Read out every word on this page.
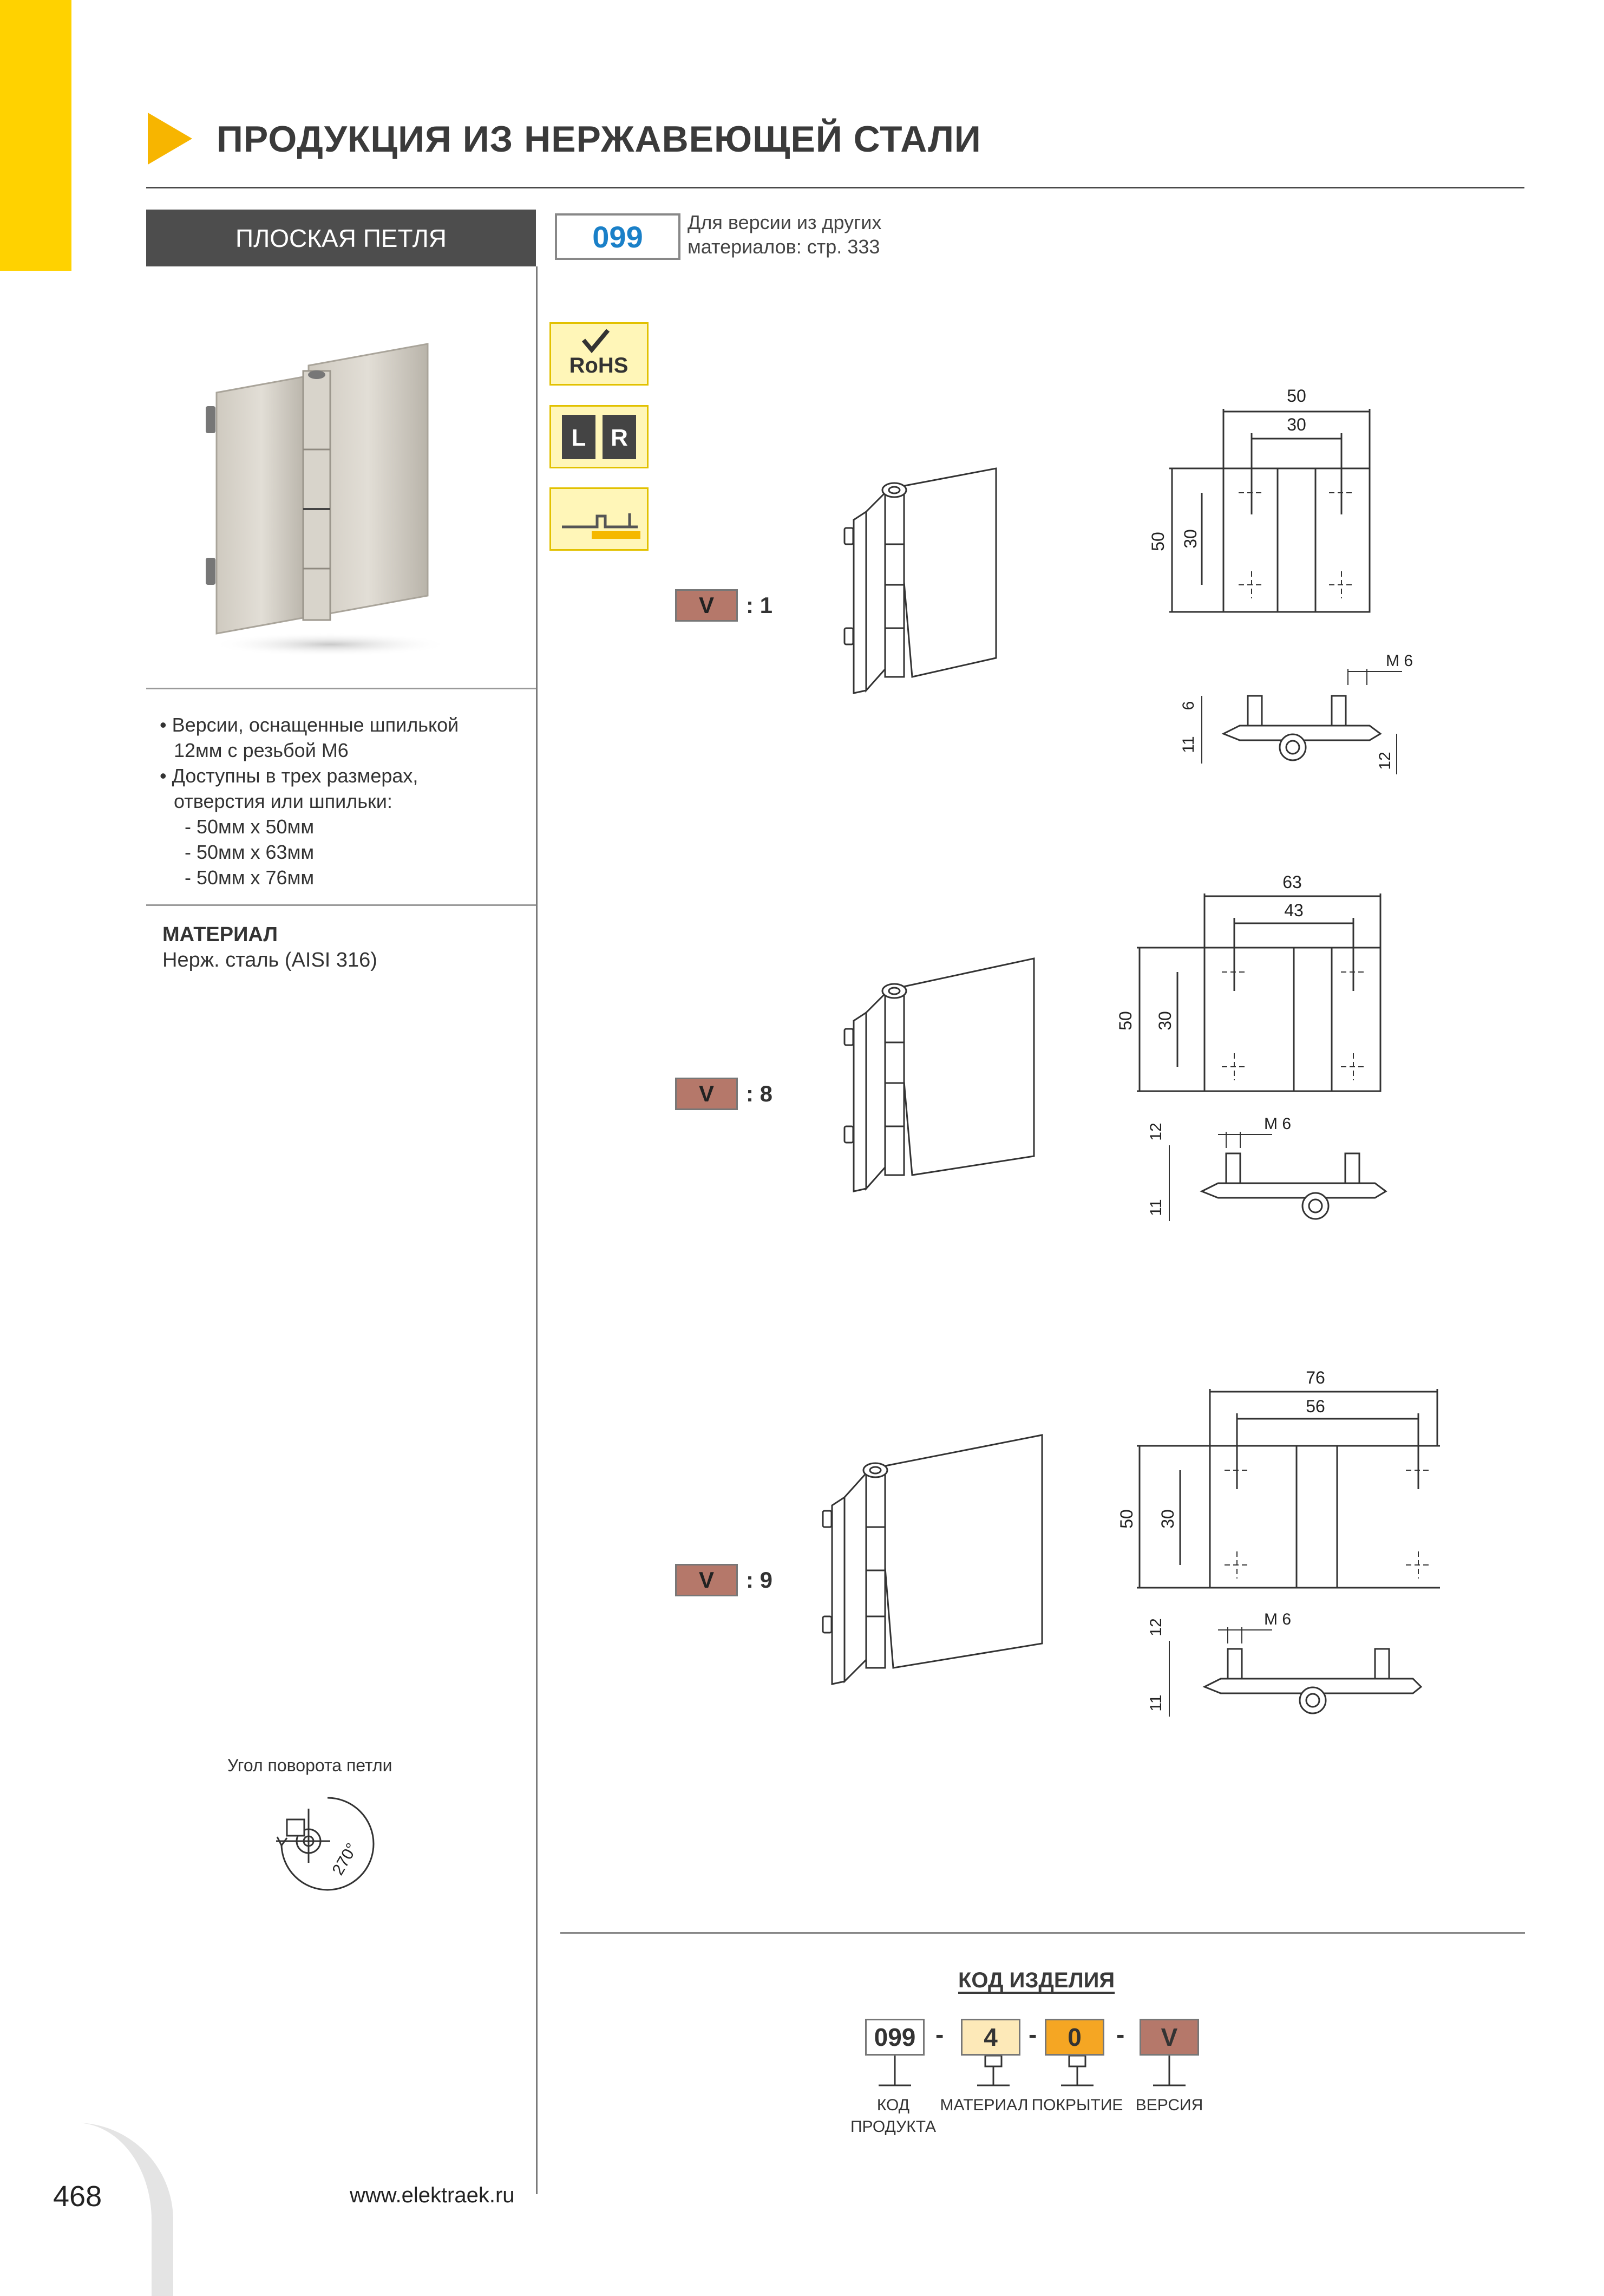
ПРОДУКЦИЯ ИЗ НЕРЖАВЕЮЩЕЙ СТАЛИ
ПЛОСКАЯ ПЕТЛЯ	099	Для версии из других
материалов: стр. 333
RoHS
L R
• Версии, оснащенные шпилькой
12мм с резьбой М6
• Доступны в трех размерах,
отверстия или шпильки:
- 50мм x 50мм
- 50мм x 63мм
- 50мм x 76мм
МАТЕРИАЛ
Нерж. сталь (AISI 316)
V	: 1
50
30
50 30
M 6
6
11
12
V	: 8
63
43
50 30
M 6
12
11
V	: 9
76
56
50 30
M 6
12
11
Угол поворота петли
270°
КОД ИЗДЕЛИЯ
099 -	4	-	0	-	V
КОД
ПРОДУКТА
МАТЕРИАЛ ПОКРЫТИЕ ВЕРСИЯ
468	www.elektraek.ru
